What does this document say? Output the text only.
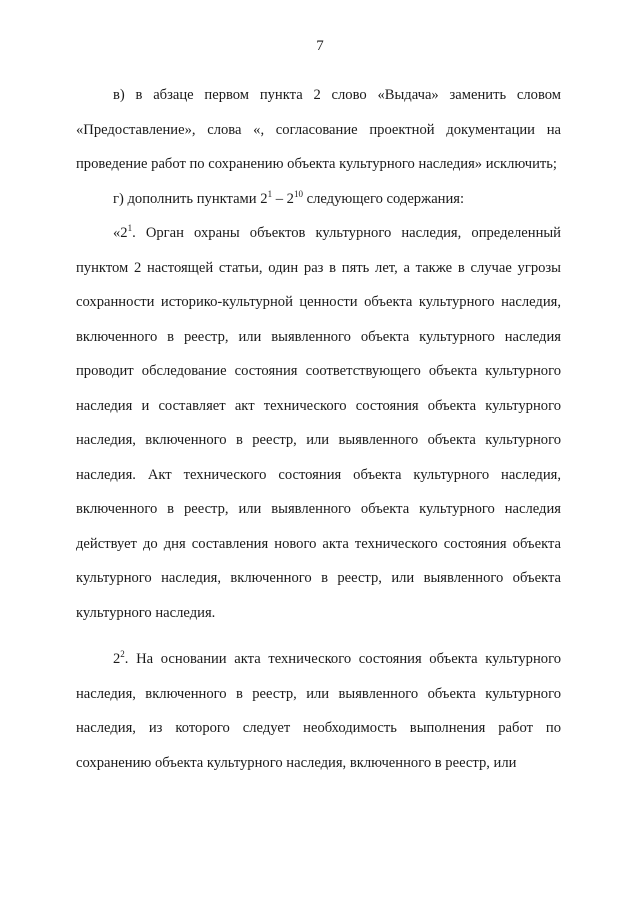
7

в) в абзаце первом пункта 2 слово «Выдача» заменить словом «Предоставление», слова «, согласование проектной документации на проведение работ по сохранению объекта культурного наследия» исключить;

г) дополнить пунктами $2^1 - 2^{10}$ следующего содержания:

«$2^1$. Орган охраны объектов культурного наследия, определенный пунктом 2 настоящей статьи, один раз в пять лет, а также в случае угрозы сохранности историко-культурной ценности объекта культурного наследия, включенного в реестр, или выявленного объекта культурного наследия проводит обследование состояния соответствующего объекта культурного наследия и составляет акт технического состояния объекта культурного наследия, включенного в реестр, или выявленного объекта культурного наследия. Акт технического состояния объекта культурного наследия, включенного в реестр, или выявленного объекта культурного наследия действует до дня составления нового акта технического состояния объекта культурного наследия, включенного в реестр, или выявленного объекта культурного наследия.

$2^2$. На основании акта технического состояния объекта культурного наследия, включенного в реестр, или выявленного объекта культурного наследия, из которого следует необходимость выполнения работ по сохранению объекта культурного наследия, включенного в реестр, или
